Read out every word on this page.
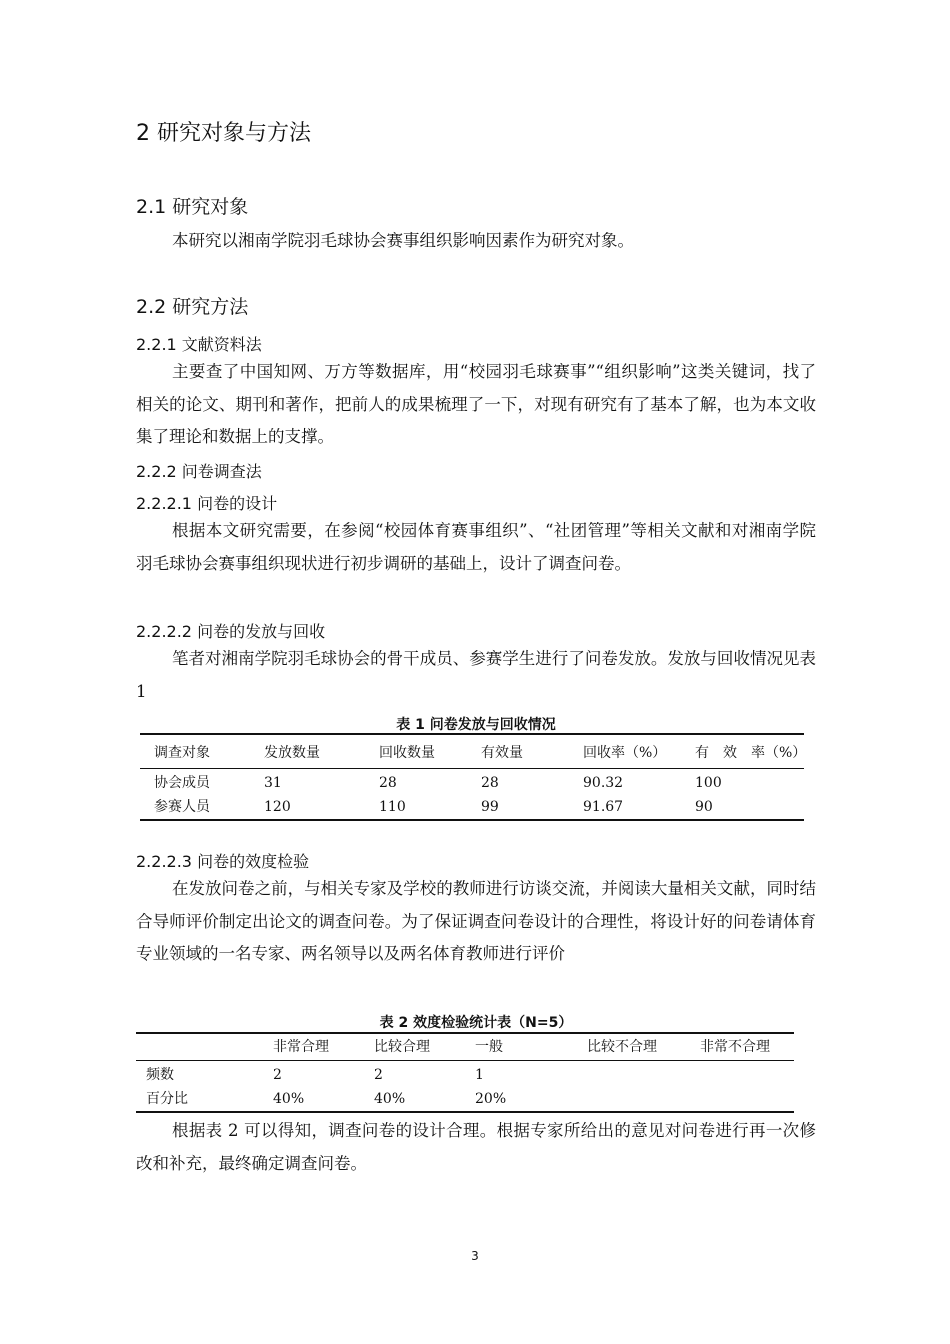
2 研究对象与方法
2.1 研究对象
本研究以湘南学院羽毛球协会赛事组织影响因素作为研究对象。
2.2 研究方法
2.2.1 文献资料法
主要查了中国知网、万方等数据库，用“校园羽毛球赛事”“组织影响”这类关键词，找了相关的论文、期刊和著作，把前人的成果梳理了一下，对现有研究有了基本了解，也为本文收集了理论和数据上的支撑。
2.2.2 问卷调查法
2.2.2.1 问卷的设计
根据本文研究需要，在参阅“校园体育赛事组织”、“社团管理”等相关文献和对湘南学院羽毛球协会赛事组织现状进行初步调研的基础上，设计了调查问卷。
2.2.2.2 问卷的发放与回收
笔者对湘南学院羽毛球协会的骨干成员、参赛学生进行了问卷发放。发放与回收情况见表 1
表 1 问卷发放与回收情况
调查对象	发放数量	回收数量	有效量	回收率（%）	有　效　率（%）
协会成员	31	28	28	90.32	100
参赛人员	120	110	99	91.67	90
2.2.2.3 问卷的效度检验
在发放问卷之前，与相关专家及学校的教师进行访谈交流，并阅读大量相关文献，同时结合导师评价制定出论文的调查问卷。为了保证调查问卷设计的合理性，将设计好的问卷请体育专业领域的一名专家、两名领导以及两名体育教师进行评价
表 2 效度检验统计表（N=5）
	非常合理	比较合理	一般	比较不合理	非常不合理
频数	2	2	1		
百分比	40%	40%	20%		
根据表 2 可以得知，调查问卷的设计合理。根据专家所给出的意见对问卷进行再一次修改和补充，最终确定调查问卷。
3
